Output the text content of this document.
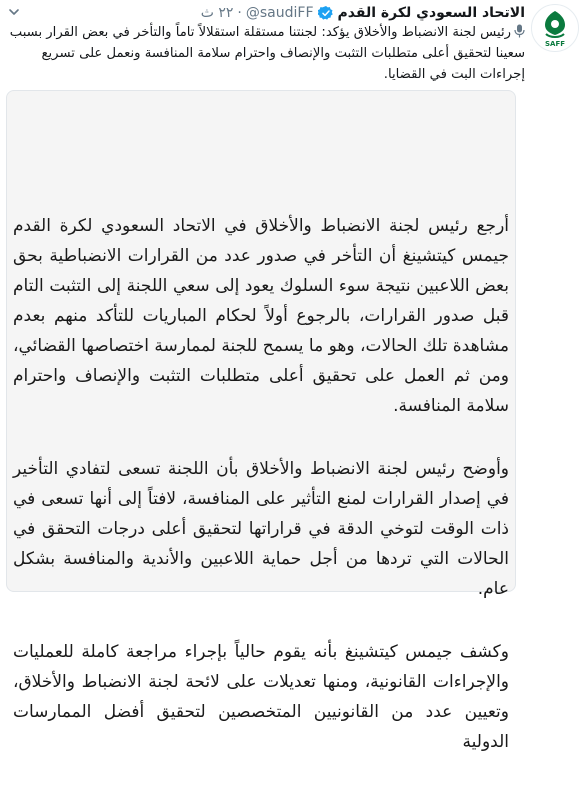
SAFF
الاتحاد السعودي لكرة القدم
@saudiFF
·
٢٢ ث

رئيس لجنة الانضباط والأخلاق يؤكد: لجنتنا مستقلة استقلالاً تاماً والتأخر في بعض القرار بسبب سعينا لتحقيق أعلى متطلبات التثبت والإنصاف واحترام سلامة المنافسة ونعمل على تسريع إجراءات البت في القضايا.

أرجع رئيس لجنة الانضباط والأخلاق في الاتحاد السعودي لكرة القدم جيمس كيتشينغ أن التأخر في صدور عدد من القرارات الانضباطية بحق بعض اللاعبين نتيجة سوء السلوك يعود إلى سعي اللجنة إلى التثبت التام قبل صدور القرارات، بالرجوع أولاً لحكام المباريات للتأكد منهم بعدم مشاهدة تلك الحالات، وهو ما يسمح للجنة لممارسة اختصاصها القضائي، ومن ثم العمل على تحقيق أعلى متطلبات التثبت والإنصاف واحترام سلامة المنافسة.

وأوضح رئيس لجنة الانضباط والأخلاق بأن اللجنة تسعى لتفادي التأخير في إصدار القرارات لمنع التأثير على المنافسة، لافتاً إلى أنها تسعى في ذات الوقت لتوخي الدقة في قراراتها لتحقيق أعلى درجات التحقق في الحالات التي تردها من أجل حماية اللاعبين والأندية والمنافسة بشكل عام.

وكشف جيمس كيتشينغ بأنه يقوم حالياً بإجراء مراجعة كاملة للعمليات والإجراءات القانونية، ومنها تعديلات على لائحة لجنة الانضباط والأخلاق، وتعيين عدد من القانونيين المتخصصين لتحقيق أفضل الممارسات الدولية
